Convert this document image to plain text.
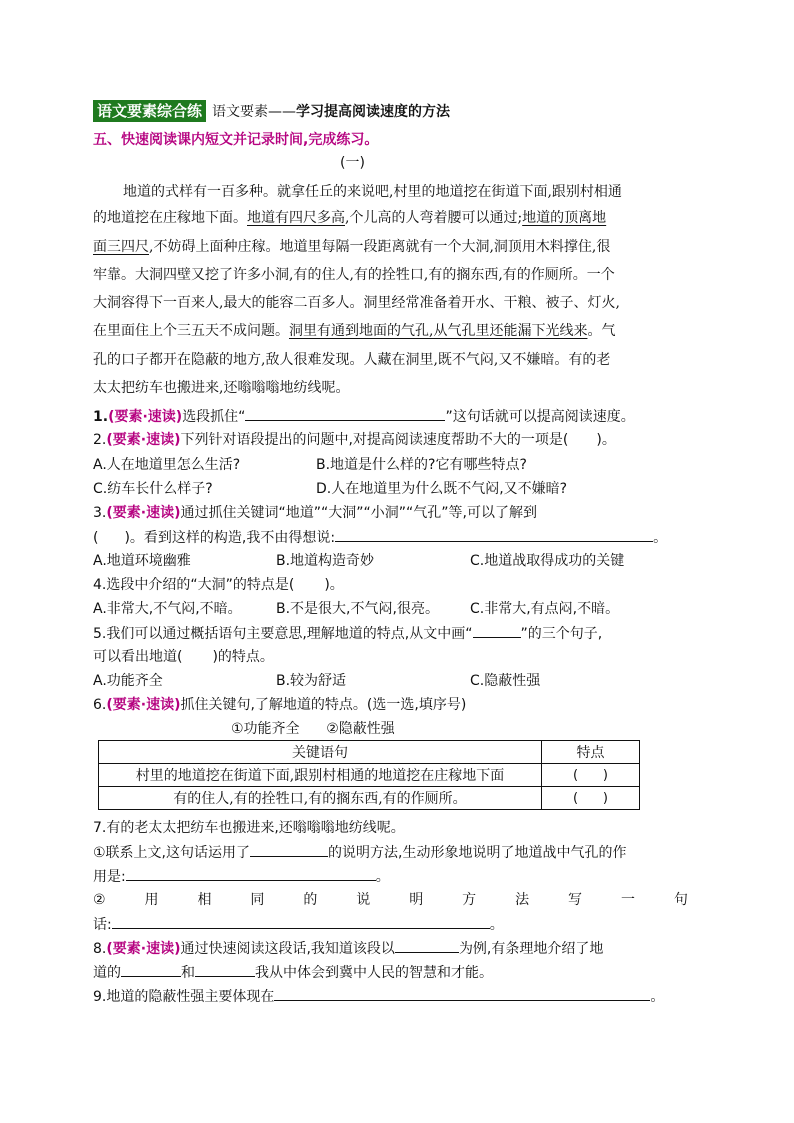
语文要素综合练 语文要素——学习提高阅读速度的方法
五、快速阅读课内短文并记录时间,完成练习。
(一)
地道的式样有一百多种。就拿任丘的来说吧,村里的地道挖在街道下面,跟别村相通
的地道挖在庄稼地下面。地道有四尺多高,个儿高的人弯着腰可以通过;地道的顶离地
面三四尺,不妨碍上面种庄稼。地道里每隔一段距离就有一个大洞,洞顶用木料撑住,很
牢靠。大洞四壁又挖了许多小洞,有的住人,有的拴牲口,有的搁东西,有的作厕所。一个
大洞容得下一百来人,最大的能容二百多人。洞里经常准备着开水、干粮、被子、灯火,
在里面住上个三五天不成问题。洞里有通到地面的气孔,从气孔里还能漏下光线来。气
孔的口子都开在隐蔽的地方,敌人很难发现。人藏在洞里,既不气闷,又不嫌暗。有的老
太太把纺车也搬进来,还嗡嗡嗡地纺线呢。
1.(要素·速读)选段抓住“	”这句话就可以提高阅读速度。
2.(要素·速读)下列针对语段提出的问题中,对提高阅读速度帮助不大的一项是( )。
A.人在地道里怎么生活?	B.地道是什么样的?它有哪些特点?
C.纺车长什么样子?	D.人在地道里为什么既不气闷,又不嫌暗?
3.(要素·速读)通过抓住关键词“地道”“大洞”“小洞”“气孔”等,可以了解到
( )。看到这样的构造,我不由得想说:	。
A.地道环境幽雅	B.地道构造奇妙	C.地道战取得成功的关键
4.选段中介绍的“大洞”的特点是( )。
A.非常大,不气闷,不暗。 B.不是很大,不气闷,很亮。 C.非常大,有点闷,不暗。
5.我们可以通过概括语句主要意思,理解地道的特点,从文中画“	”的三个句子,
可以看出地道( )的特点。
A.功能齐全	B.较为舒适	C.隐蔽性强
6.(要素·速读)抓住关键句,了解地道的特点。(选一选,填序号)
①功能齐全      ②隐蔽性强
关键语句	特点
村里的地道挖在街道下面,跟别村相通的地道挖在庄稼地下面	(      )
有的住人,有的拴牲口,有的搁东西,有的作厕所。	(      )
7.有的老太太把纺车也搬进来,还嗡嗡嗡地纺线呢。
①联系上文,这句话运用了	的说明方法,生动形象地说明了地道战中气孔的作
用是:	。
②	用	相	同	的	说	明	方	法	写	一	句
话:	。
8.(要素·速读)通过快速阅读这段话,我知道该段以	为例,有条理地介绍了地
道的	和	我从中体会到冀中人民的智慧和才能。
9.地道的隐蔽性强主要体现在	。
